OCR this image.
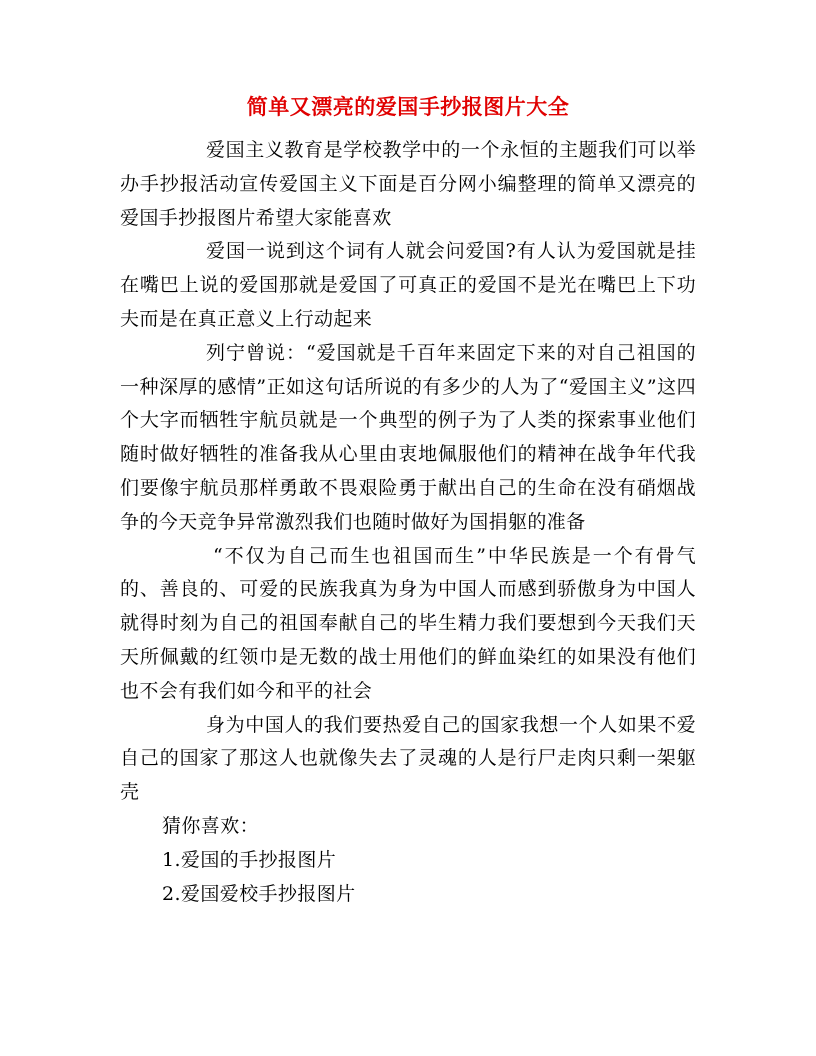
简单又漂亮的爱国手抄报图片大全

爱国主义教育是学校教学中的一个永恒的主题我们可以举办手抄报活动宣传爱国主义下面是百分网小编整理的简单又漂亮的爱国手抄报图片希望大家能喜欢

爱国一说到这个词有人就会问爱国?有人认为爱国就是挂在嘴巴上说的爱国那就是爱国了可真正的爱国不是光在嘴巴上下功夫而是在真正意义上行动起来

列宁曾说：“爱国就是千百年来固定下来的对自己祖国的一种深厚的感情”正如这句话所说的有多少的人为了“爱国主义”这四个大字而牺牲宇航员就是一个典型的例子为了人类的探索事业他们随时做好牺牲的准备我从心里由衷地佩服他们的精神在战争年代我们要像宇航员那样勇敢不畏艰险勇于献出自己的生命在没有硝烟战争的今天竞争异常激烈我们也随时做好为国捐躯的准备

“不仅为自己而生也祖国而生”中华民族是一个有骨气的、善良的、可爱的民族我真为身为中国人而感到骄傲身为中国人就得时刻为自己的祖国奉献自己的毕生精力我们要想到今天我们天天所佩戴的红领巾是无数的战士用他们的鲜血染红的如果没有他们也不会有我们如今和平的社会

身为中国人的我们要热爱自己的国家我想一个人如果不爱自己的国家了那这人也就像失去了灵魂的人是行尸走肉只剩一架躯壳

猜你喜欢：

1.爱国的手抄报图片

2.爱国爱校手抄报图片
